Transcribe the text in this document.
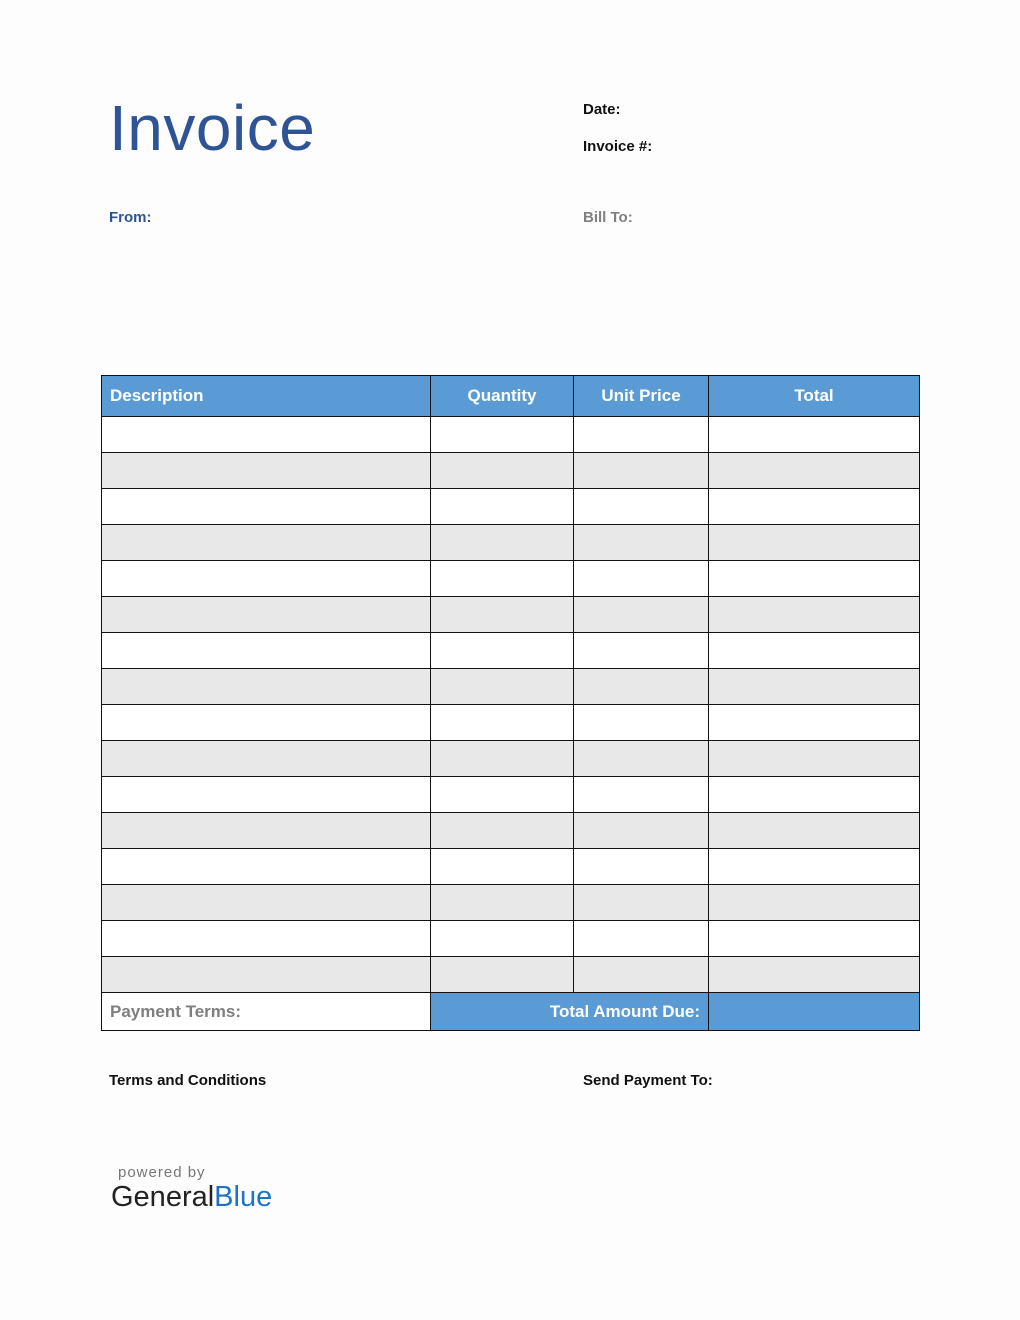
Invoice	Date:
Invoice #:
From:	Bill To:
Description	Quantity	Unit Price	Total

Payment Terms:	Total Amount Due:		
Terms and Conditions	Send Payment To:
powered by
GeneralBlue
